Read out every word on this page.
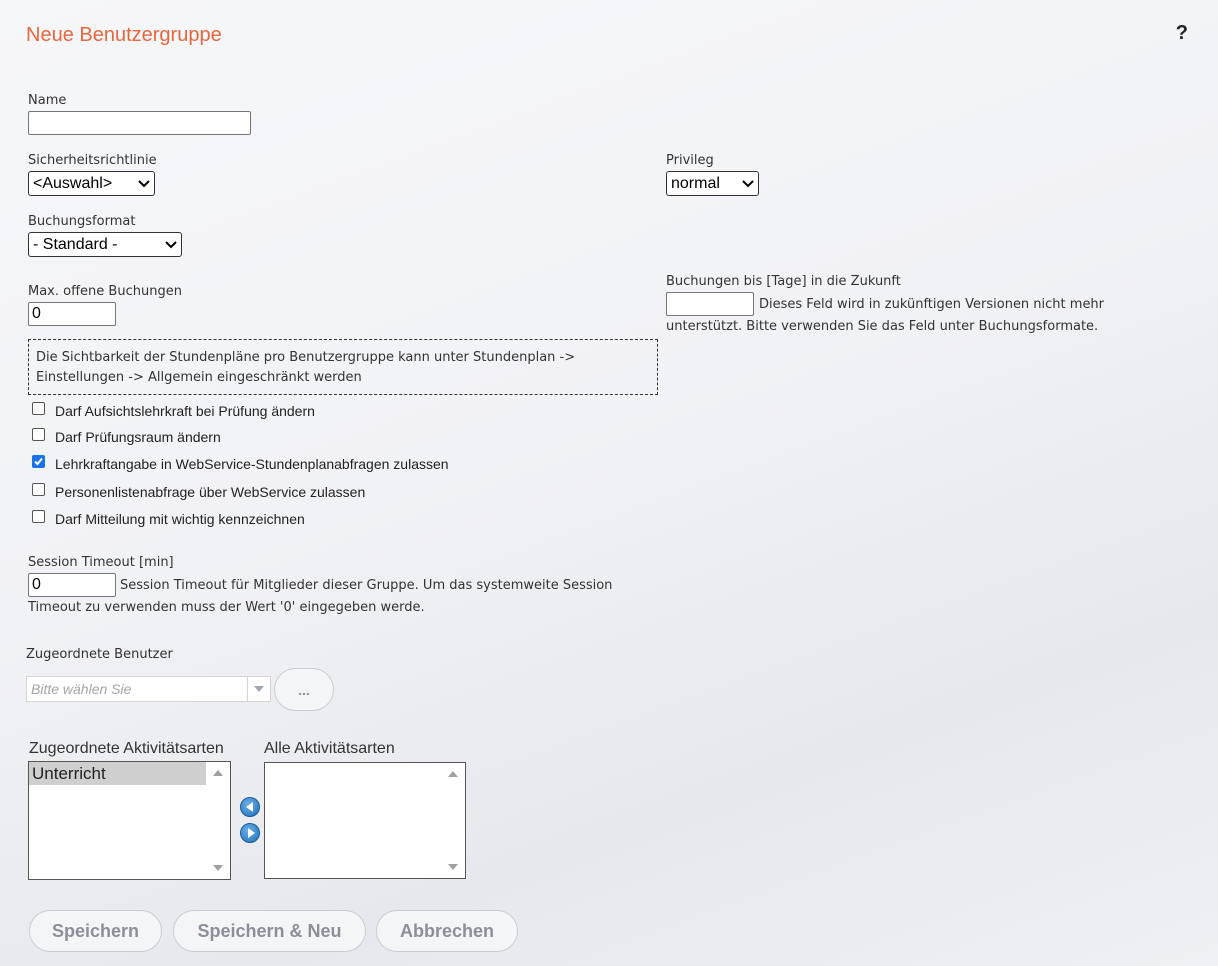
Neue Benutzergruppe	?
Name
Sicherheitsrichtlinie
<Auswahl>
Privileg
normal
Buchungsformat
- Standard -
Max. offene Buchungen
0
Buchungen bis [Tage] in die Zukunft
Dieses Feld wird in zukünftigen Versionen nicht mehr
unterstützt. Bitte verwenden Sie das Feld unter Buchungsformate.
Die Sichtbarkeit der Stundenpläne pro Benutzergruppe kann unter Stundenplan ->
Einstellungen -> Allgemein eingeschränkt werden
Darf Aufsichtslehrkraft bei Prüfung ändern
Darf Prüfungsraum ändern
Lehrkraftangabe in WebService-Stundenplanabfragen zulassen
Personenlistenabfrage über WebService zulassen
Darf Mitteilung mit wichtig kennzeichnen
Session Timeout [min]
0
Session Timeout für Mitglieder dieser Gruppe. Um das systemweite Session
Timeout zu verwenden muss der Wert '0' eingegeben werde.
Zugeordnete Benutzer
Bitte wählen Sie	...
Zugeordnete Aktivitätsarten	Alle Aktivitätsarten
Unterricht
Speichern	Speichern & Neu	Abbrechen
